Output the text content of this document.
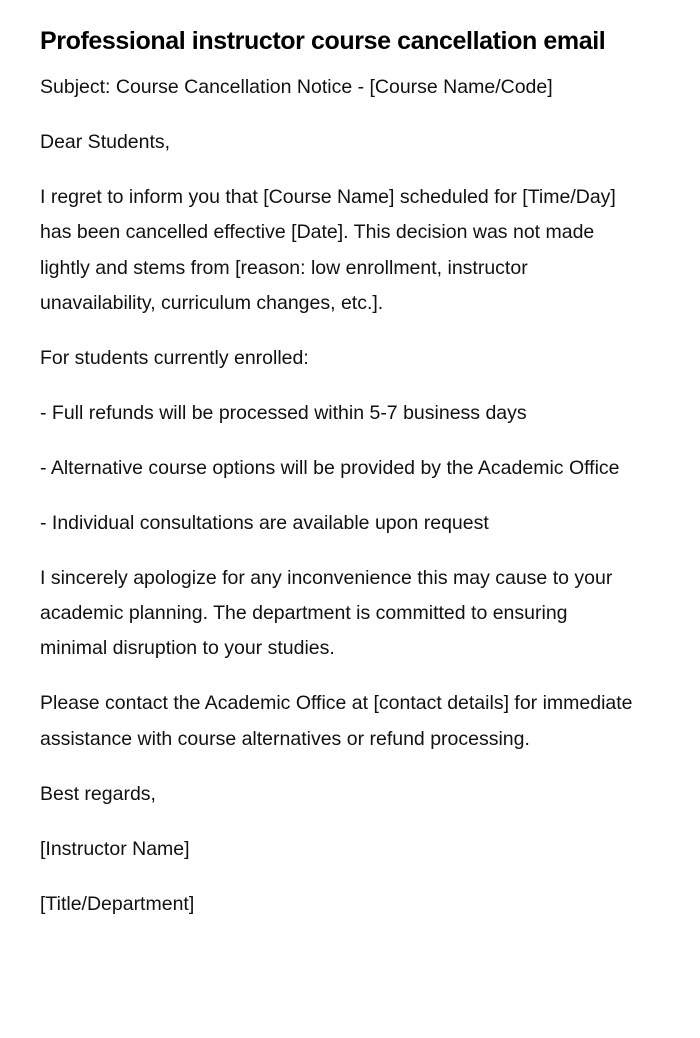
Professional instructor course cancellation email

Subject: Course Cancellation Notice - [Course Name/Code]

Dear Students,

I regret to inform you that [Course Name] scheduled for [Time/Day] has been cancelled effective [Date]. This decision was not made lightly and stems from [reason: low enrollment, instructor unavailability, curriculum changes, etc.].

For students currently enrolled:

- Full refunds will be processed within 5-7 business days

- Alternative course options will be provided by the Academic Office

- Individual consultations are available upon request

I sincerely apologize for any inconvenience this may cause to your academic planning. The department is committed to ensuring minimal disruption to your studies.

Please contact the Academic Office at [contact details] for immediate assistance with course alternatives or refund processing.

Best regards,

[Instructor Name]

[Title/Department]
